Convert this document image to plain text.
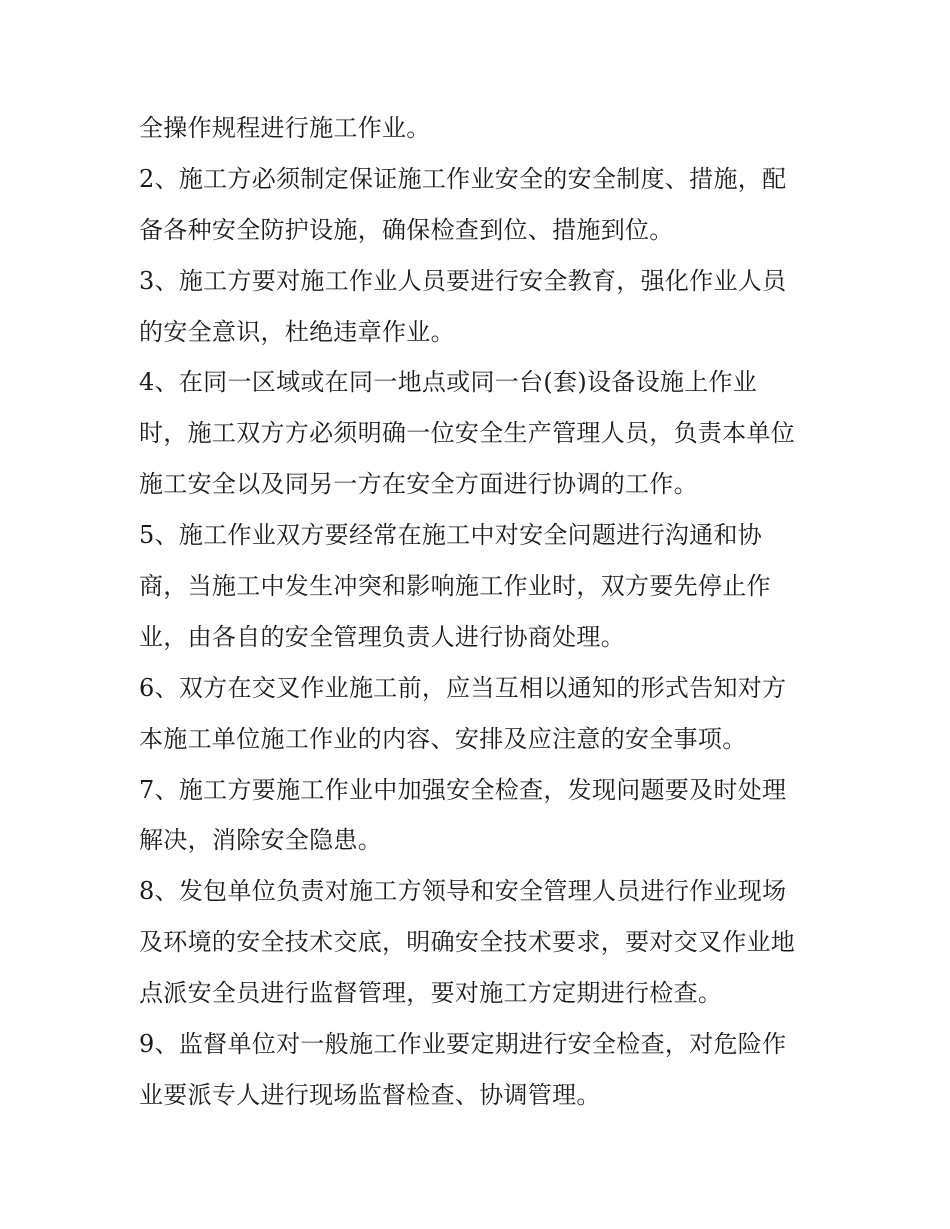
全操作规程进行施工作业。
2、施工方必须制定保证施工作业安全的安全制度、措施，配
备各种安全防护设施，确保检查到位、措施到位。
3、施工方要对施工作业人员要进行安全教育，强化作业人员
的安全意识，杜绝违章作业。
4、在同一区域或在同一地点或同一台(套)设备设施上作业
时，施工双方方必须明确一位安全生产管理人员，负责本单位
施工安全以及同另一方在安全方面进行协调的工作。
5、施工作业双方要经常在施工中对安全问题进行沟通和协
商，当施工中发生冲突和影响施工作业时，双方要先停止作
业，由各自的安全管理负责人进行协商处理。
6、双方在交叉作业施工前，应当互相以通知的形式告知对方
本施工单位施工作业的内容、安排及应注意的安全事项。
7、施工方要施工作业中加强安全检查，发现问题要及时处理
解决，消除安全隐患。
8、发包单位负责对施工方领导和安全管理人员进行作业现场
及环境的安全技术交底，明确安全技术要求，要对交叉作业地
点派安全员进行监督管理，要对施工方定期进行检查。
9、监督单位对一般施工作业要定期进行安全检查，对危险作
业要派专人进行现场监督检查、协调管理。
